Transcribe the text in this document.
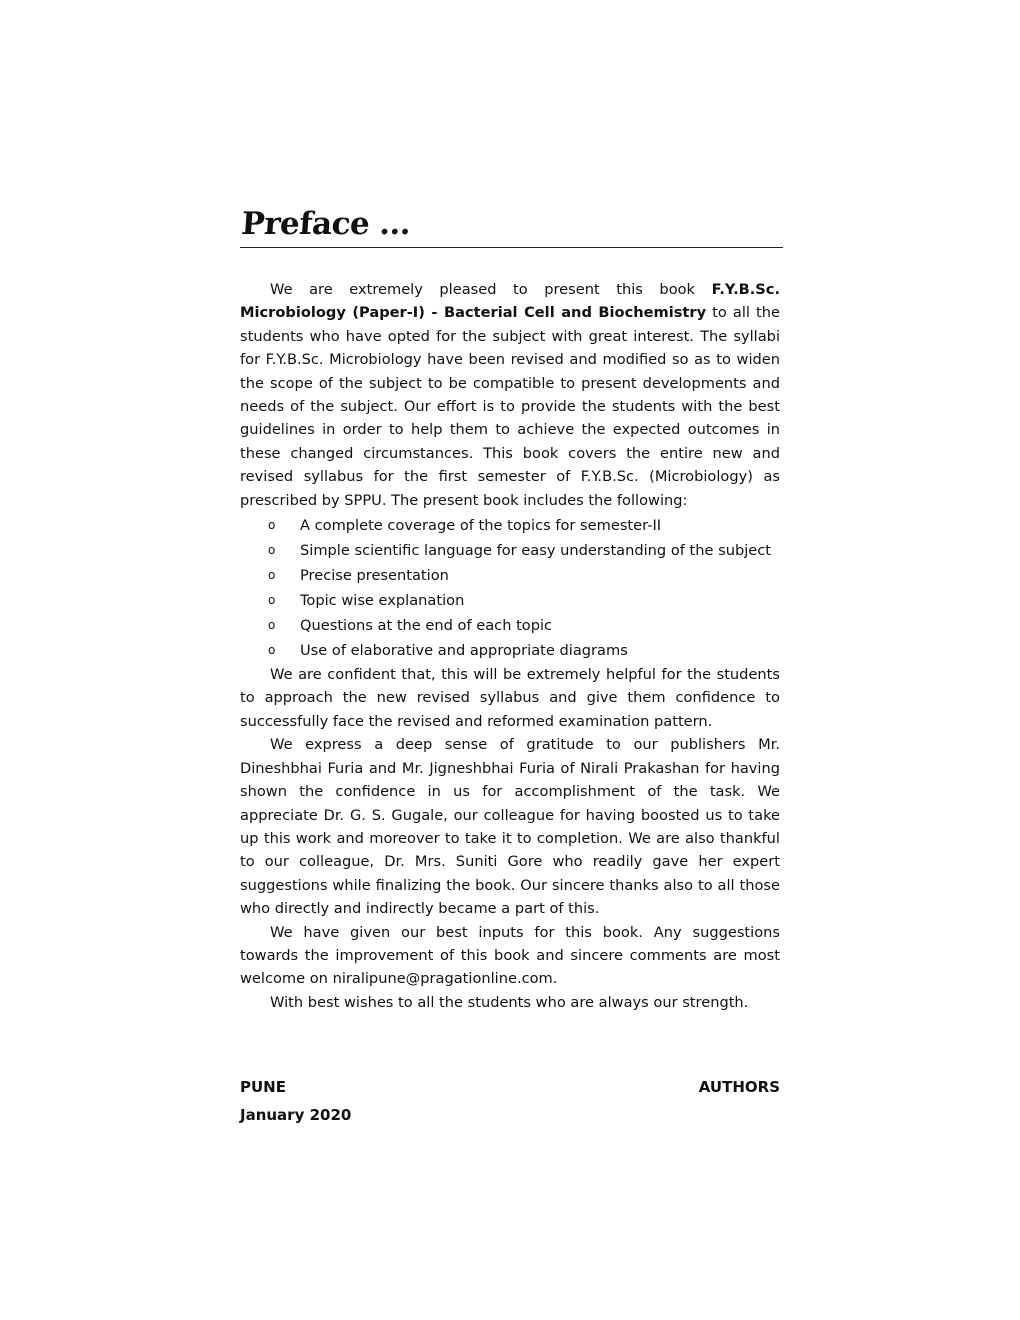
Preface ...

We are extremely pleased to present this book F.Y.B.Sc. Microbiology (Paper-I) - Bacterial Cell and Biochemistry to all the students who have opted for the subject with great interest. The syllabi for F.Y.B.Sc. Microbiology have been revised and modified so as to widen the scope of the subject to be compatible to present developments and needs of the subject. Our effort is to provide the students with the best guidelines in order to help them to achieve the expected outcomes in these changed circumstances. This book covers the entire new and revised syllabus for the first semester of F.Y.B.Sc. (Microbiology) as prescribed by SPPU. The present book includes the following:

o A complete coverage of the topics for semester-II
o Simple scientific language for easy understanding of the subject
o Precise presentation
o Topic wise explanation
o Questions at the end of each topic
o Use of elaborative and appropriate diagrams

We are confident that, this will be extremely helpful for the students to approach the new revised syllabus and give them confidence to successfully face the revised and reformed examination pattern.

We express a deep sense of gratitude to our publishers Mr. Dineshbhai Furia and Mr. Jigneshbhai Furia of Nirali Prakashan for having shown the confidence in us for accomplishment of the task. We appreciate Dr. G. S. Gugale, our colleague for having boosted us to take up this work and moreover to take it to completion. We are also thankful to our colleague, Dr. Mrs. Suniti Gore who readily gave her expert suggestions while finalizing the book. Our sincere thanks also to all those who directly and indirectly became a part of this.

We have given our best inputs for this book. Any suggestions towards the improvement of this book and sincere comments are most welcome on niralipune@pragationline.com.

With best wishes to all the students who are always our strength.

PUNE	AUTHORS
January 2020
